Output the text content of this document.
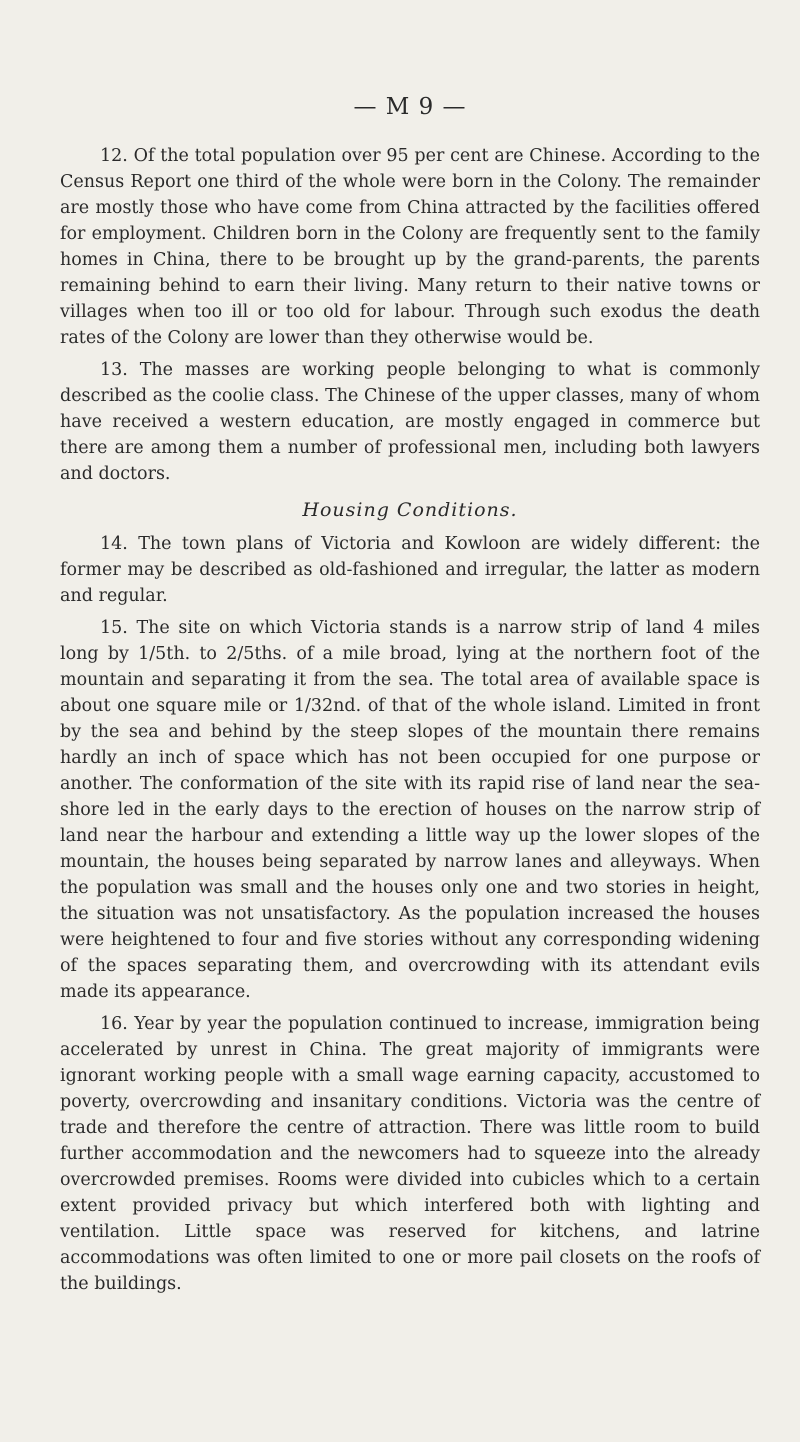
— M 9 —

12. Of the total population over 95 per cent are Chinese. According to the Census Report one third of the whole were born in the Colony. The remainder are mostly those who have come from China attracted by the facilities offered for employment. Children born in the Colony are frequently sent to the family homes in China, there to be brought up by the grand-parents, the parents remaining behind to earn their living. Many return to their native towns or villages when too ill or too old for labour. Through such exodus the death rates of the Colony are lower than they otherwise would be.

13. The masses are working people belonging to what is commonly described as the coolie class. The Chinese of the upper classes, many of whom have received a western education, are mostly engaged in commerce but there are among them a number of professional men, including both lawyers and doctors.

Housing Conditions.

14. The town plans of Victoria and Kowloon are widely different: the former may be described as old-fashioned and irregular, the latter as modern and regular.

15. The site on which Victoria stands is a narrow strip of land 4 miles long by 1/5th. to 2/5ths. of a mile broad, lying at the northern foot of the mountain and separating it from the sea. The total area of available space is about one square mile or 1/32nd. of that of the whole island. Limited in front by the sea and behind by the steep slopes of the mountain there remains hardly an inch of space which has not been occupied for one purpose or another. The conformation of the site with its rapid rise of land near the sea-shore led in the early days to the erection of houses on the narrow strip of land near the harbour and extending a little way up the lower slopes of the mountain, the houses being separated by narrow lanes and alleyways. When the population was small and the houses only one and two stories in height, the situation was not unsatisfactory. As the population increased the houses were heightened to four and five stories without any corresponding widening of the spaces separating them, and overcrowding with its attendant evils made its appearance.

16. Year by year the population continued to increase, immigration being accelerated by unrest in China. The great majority of immigrants were ignorant working people with a small wage earning capacity, accustomed to poverty, overcrowding and insanitary conditions. Victoria was the centre of trade and therefore the centre of attraction. There was little room to build further accommodation and the newcomers had to squeeze into the already overcrowded premises. Rooms were divided into cubicles which to a certain extent provided privacy but which interfered both with lighting and ventilation. Little space was reserved for kitchens, and latrine accommodations was often limited to one or more pail closets on the roofs of the buildings.
